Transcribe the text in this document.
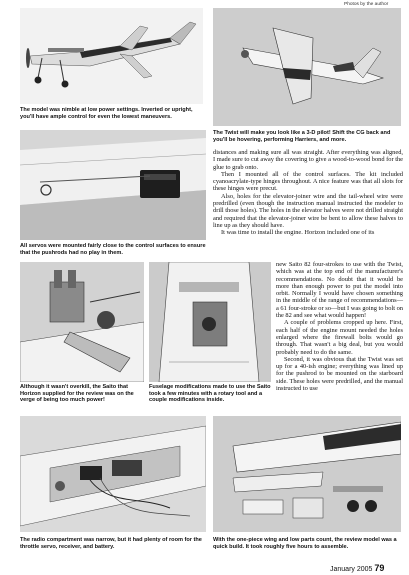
Photos by the author

The model was nimble at low power settings. Inverted or upright, you'll have ample control for even the lowest maneuvers.

The Twist will make you look like a 3-D pilot! Shift the CG back and you'll be hovering, performing Harriers, and more.

distances and making sure all was straight. After everything was aligned, I made sure to cut away the covering to give a wood-to-wood bond for the glue to grab onto.

Then I mounted all of the control surfaces. The kit included cyanoacrylate-type hinges throughout. A nice feature was that all slots for these hinges were precut.

Also, holes for the elevator-joiner wire and the tail-wheel wire were predrilled (even though the instruction manual instructed the modeler to drill those holes). The holes in the elevator halves were not drilled straight and required that the elevator-joiner wire be bent to allow these halves to line up as they should have.

It was time to install the engine. Horizon included one of its

All servos were mounted fairly close to the control surfaces to ensure that the pushrods had no play in them.

new Saito 82 four-strokes to use with the Twist, which was at the top end of the manufacturer's recommendations. No doubt that it would be more than enough power to put the model into orbit. Normally I would have chosen something in the middle of the range of recommendations—a 61 four-stroke or so—but I was going to bolt on the 82 and see what would happen!

A couple of problems cropped up here. First, each half of the engine mount needed the holes enlarged where the firewall bolts would go through. That wasn't a big deal, but you would probably need to do the same.

Second, it was obvious that the Twist was set up for a 40-ish engine; everything was lined up for the pushrod to be mounted on the starboard side. These holes were predrilled, and the manual instructed to use

Although it wasn't overkill, the Saito that Horizon supplied for the review was on the verge of being too much power!

Fuselage modifications made to use the Saito took a few minutes with a rotary tool and a couple modifications inside.

The radio compartment was narrow, but it had plenty of room for the throttle servo, receiver, and battery.

With the one-piece wing and low parts count, the review model was a quick build. It took roughly five hours to assemble.

January 2005 79
